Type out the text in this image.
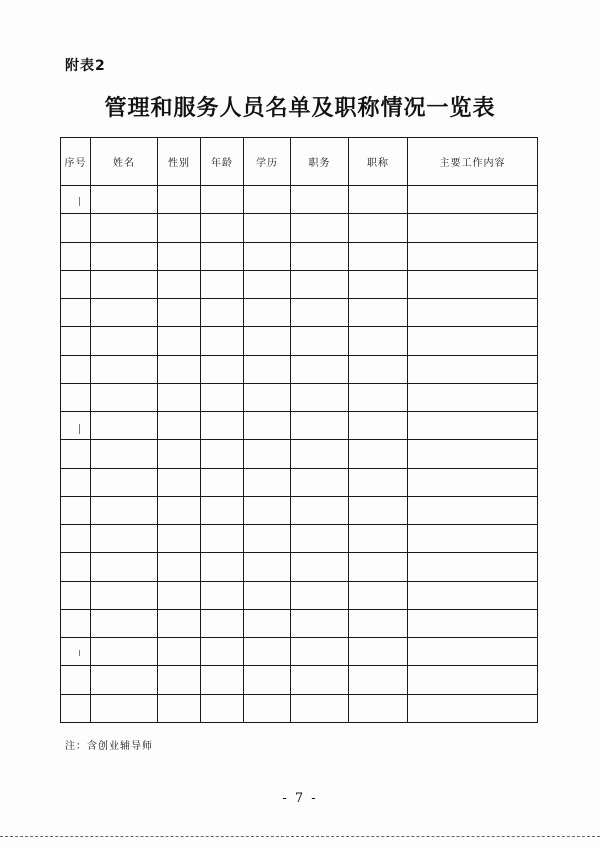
附表2
管理和服务人员名单及职称情况一览表
序号	姓名	性别	年龄	学历	职务	职称	主要工作内容

注：含创业辅导师
- 7 -
